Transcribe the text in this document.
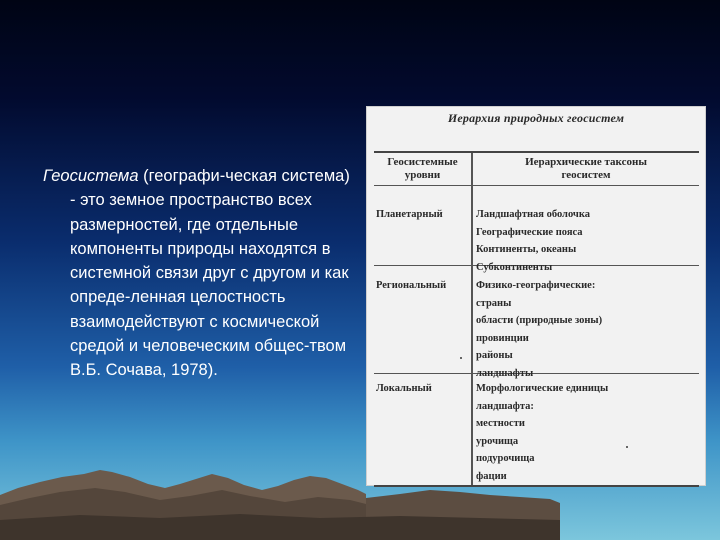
Геосистема (географи-ческая система) - это земное пространство всех размерностей, где отдельные компоненты природы находятся в системной связи друг с другом и как опреде-ленная целостность взаимодействуют с космической средой и человеческим общес-твом В.Б. Сочава, 1978).
Иерархия природных геосистем
Геосистемные
уровни
Иерархические таксоны
геосистем
Планетарный	Ландшафтная оболочка
Географические пояса
Континенты, океаны
Субконтиненты
Региональный	Физико-географические:
страны
области (природные зоны)
провинции
районы
ландшафты
Локальный	Морфологические единицы
ландшафта:
местности
урочища
подурочища
фации
